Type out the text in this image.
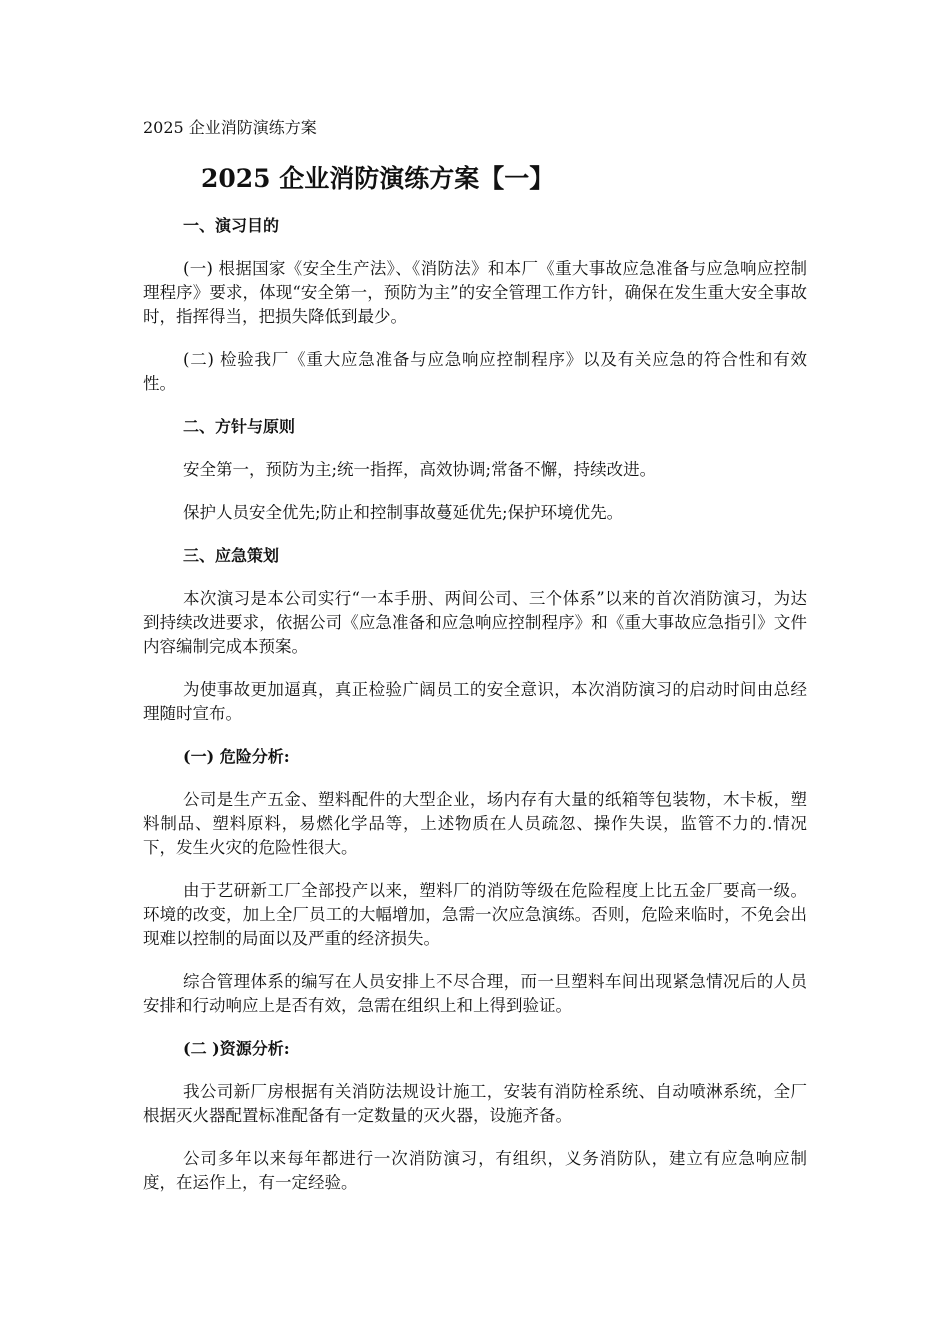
2025 企业消防演练方案
2025 企业消防演练方案【一】
一、演习目的
(一) 根据国家《安全生产法》、《消防法》和本厂《重大事故应急准备与应急响应控制理程序》要求，体现“安全第一，预防为主”的安全管理工作方针，确保在发生重大安全事故时，指挥得当，把损失降低到最少。
(二) 检验我厂《重大应急准备与应急响应控制程序》以及有关应急的符合性和有效性。
二、方针与原则
安全第一，预防为主;统一指挥，高效协调;常备不懈，持续改进。
保护人员安全优先;防止和控制事故蔓延优先;保护环境优先。
三、应急策划
本次演习是本公司实行“一本手册、两间公司、三个体系”以来的首次消防演习，为达到持续改进要求，依据公司《应急准备和应急响应控制程序》和《重大事故应急指引》文件内容编制完成本预案。
为使事故更加逼真，真正检验广阔员工的安全意识，本次消防演习的启动时间由总经理随时宣布。
(一) 危险分析:
公司是生产五金、塑料配件的大型企业，场内存有大量的纸箱等包装物，木卡板，塑料制品、塑料原料，易燃化学品等，上述物质在人员疏忽、操作失误，监管不力的.情况下，发生火灾的危险性很大。
由于艺研新工厂全部投产以来，塑料厂的消防等级在危险程度上比五金厂要高一级。环境的改变，加上全厂员工的大幅增加，急需一次应急演练。否则，危险来临时，不免会出现难以控制的局面以及严重的经济损失。
综合管理体系的编写在人员安排上不尽合理，而一旦塑料车间出现紧急情况后的人员安排和行动响应上是否有效，急需在组织上和上得到验证。
(二 )资源分析:
我公司新厂房根据有关消防法规设计施工，安装有消防栓系统、自动喷淋系统，全厂根据灭火器配置标准配备有一定数量的灭火器，设施齐备。
公司多年以来每年都进行一次消防演习，有组织，义务消防队，建立有应急响应制度，在运作上，有一定经验。
